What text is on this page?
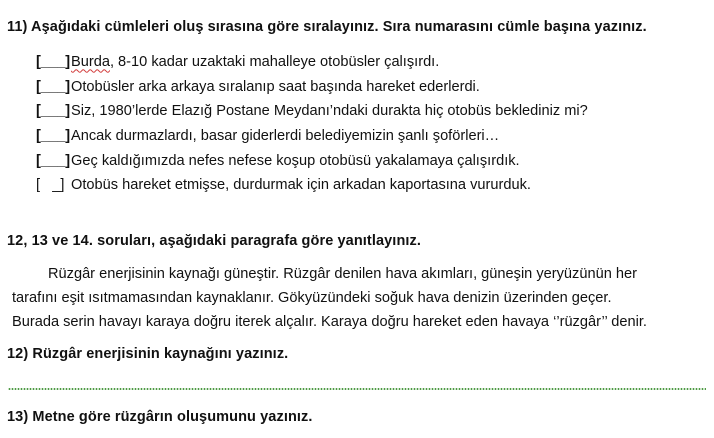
11) Aşağıdaki cümleleri oluş sırasına göre sıralayınız. Sıra numarasını cümle başına yazınız.
[___] Burda, 8-10 kadar uzaktaki mahalleye otobüsler çalışırdı.
[___] Otobüsler arka arkaya sıralanıp saat başında hareket ederlerdi.
[___] Siz, 1980’lerde Elazığ Postane Meydanı’ndaki durakta hiç otobüs beklediniz mi?
[___] Ancak durmazlardı, basar giderlerdi belediyemizin şanlı şoförleri…
[___] Geç kaldığımızda nefes nefese koşup otobüsü yakalamaya çalışırdık.
[   _] Otobüs hareket etmişse, durdurmak için arkadan kaportasına vururduk.
12, 13 ve 14. soruları, aşağıdaki paragrafa göre yanıtlayınız.
Rüzgâr enerjisinin kaynağı güneştir. Rüzgâr denilen hava akımları, güneşin yeryüzünün her
tarafını eşit ısıtmamasından kaynaklanır. Gökyüzündeki soğuk hava denizin üzerinden geçer.
Burada serin havayı karaya doğru iterek alçalır. Karaya doğru hareket eden havaya ‘’rüzgâr’’ denir.
12) Rüzgâr enerjisinin kaynağını yazınız.
13) Metne göre rüzgârın oluşumunu yazınız.
